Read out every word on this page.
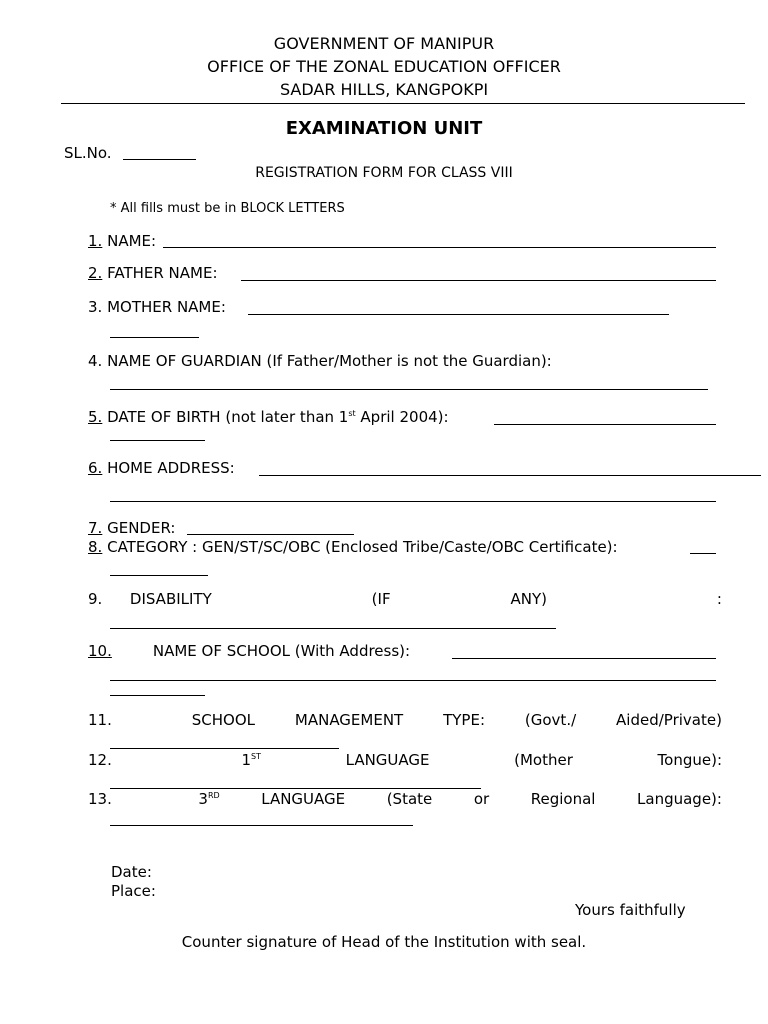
GOVERNMENT OF MANIPUR
OFFICE OF THE ZONAL EDUCATION OFFICER
SADAR HILLS, KANGPOKPI
EXAMINATION UNIT
SL.No.
REGISTRATION FORM FOR CLASS VIII
* All fills must be in BLOCK LETTERS
1. NAME:
2. FATHER NAME:
3. MOTHER NAME:
4. NAME OF GUARDIAN (If Father/Mother is not the Guardian):
5. DATE OF BIRTH (not later than 1st April 2004):
6. HOME ADDRESS:
7. GENDER:
8. CATEGORY : GEN/ST/SC/OBC (Enclosed Tribe/Caste/OBC Certificate):
9.	DISABILITY	(IF	ANY)	:
10.	NAME OF SCHOOL (With Address):
11.	SCHOOL	MANAGEMENT	TYPE:	(Govt./	Aided/Private)
12.	1ST	LANGUAGE	(Mother	Tongue):
13.	3RD	LANGUAGE	(State	or	Regional	Language):
Date:
Place:
Yours faithfully
Counter signature of Head of the Institution with seal.
